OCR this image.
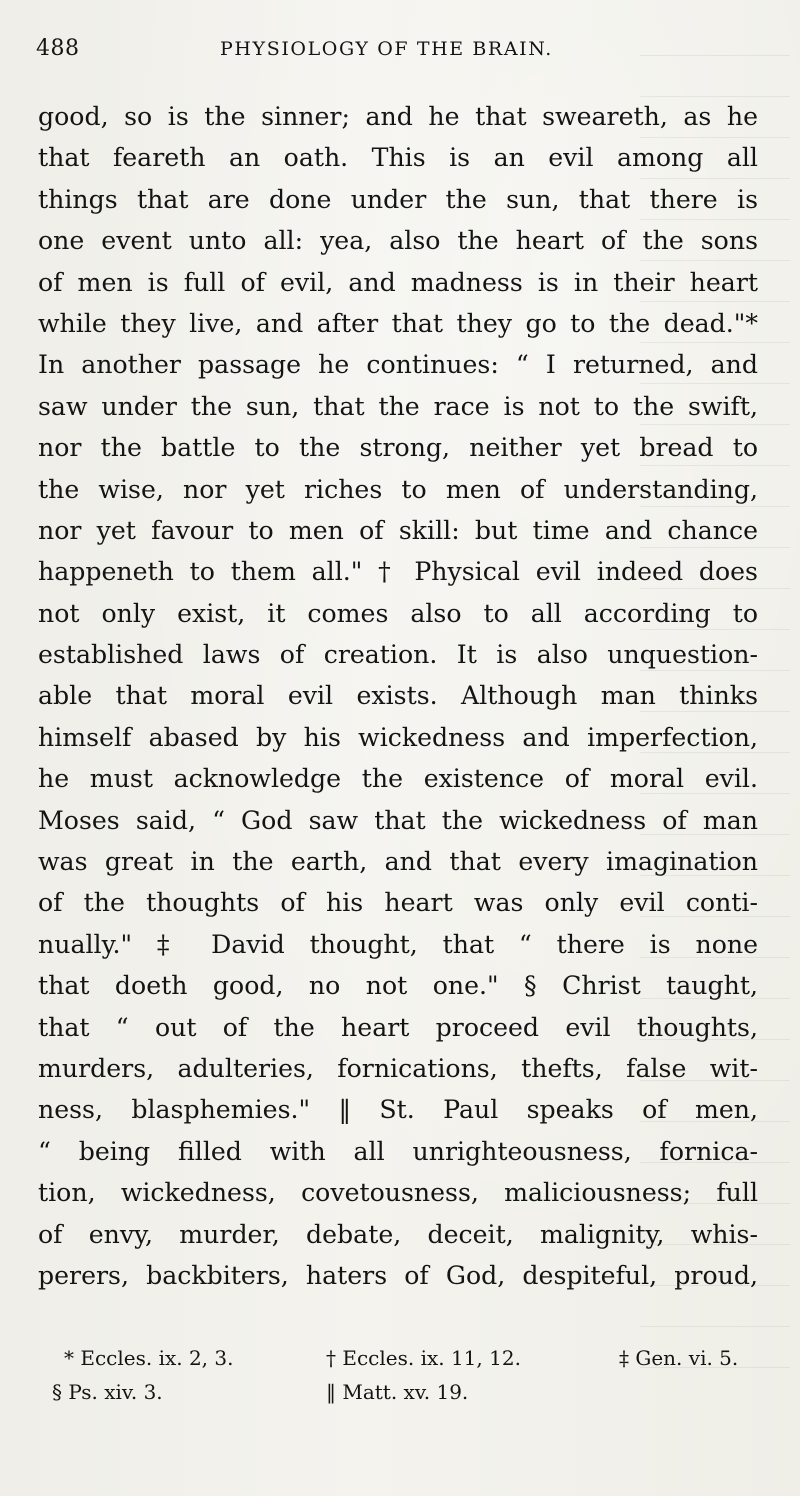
488	PHYSIOLOGY OF THE BRAIN.
good, so is the sinner; and he that sweareth, as he
that feareth an oath. This is an evil among all
things that are done under the sun, that there is
one event unto all: yea, also the heart of the sons
of men is full of evil, and madness is in their heart
while they live, and after that they go to the dead."*
In another passage he continues: “ I returned, and
saw under the sun, that the race is not to the swift,
nor the battle to the strong, neither yet bread to
the wise, nor yet riches to men of understanding,
nor yet favour to men of skill: but time and chance
happeneth to them all." † Physical evil indeed does
not only exist, it comes also to all according to
established laws of creation. It is also unquestion-
able that moral evil exists. Although man thinks
himself abased by his wickedness and imperfection,
he must acknowledge the existence of moral evil.
Moses said, “ God saw that the wickedness of man
was great in the earth, and that every imagination
of the thoughts of his heart was only evil conti-
nually." ‡ David thought, that “ there is none
that doeth good, no not one." § Christ taught,
that “ out of the heart proceed evil thoughts,
murders, adulteries, fornications, thefts, false wit-
ness, blasphemies." ‖ St. Paul speaks of men,
“ being filled with all unrighteousness, fornica-
tion, wickedness, covetousness, maliciousness; full
of envy, murder, debate, deceit, malignity, whis-
perers, backbiters, haters of God, despiteful, proud,
* Eccles. ix. 2, 3.	† Eccles. ix. 11, 12.	‡ Gen. vi. 5.
§ Ps. xiv. 3.	‖ Matt. xv. 19.
